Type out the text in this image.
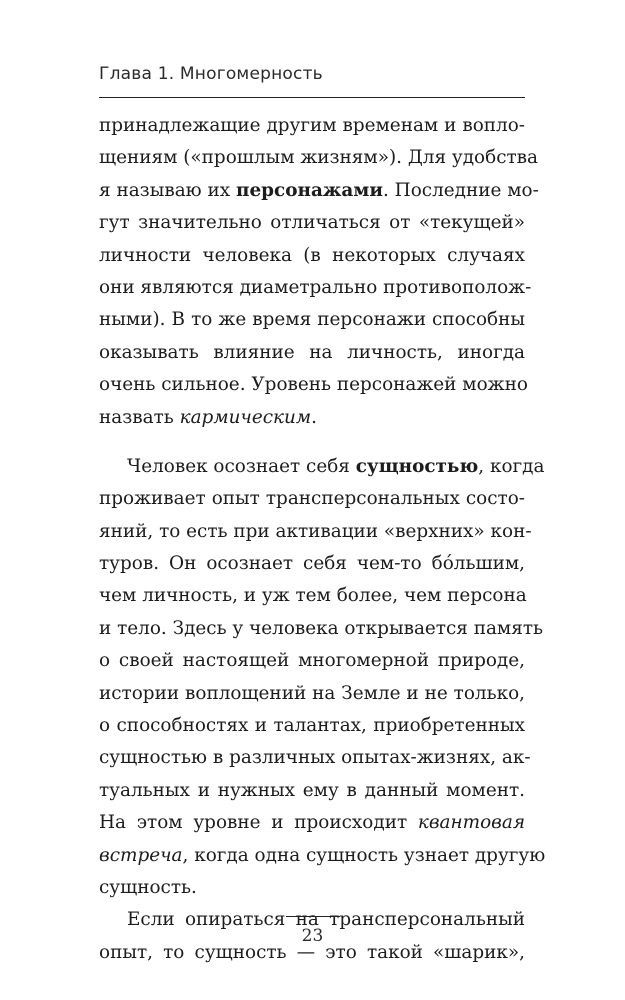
Глава 1. Многомерность
принадлежащие другим временам и вопло-
щениям («прошлым жизням»). Для удобства
я называю их персонажами. Последние мо-
гут значительно отличаться от «текущей»
личности человека (в некоторых случаях
они являются диаметрально противополож-
ными). В то же время персонажи способны
оказывать влияние на личность, иногда
очень сильное. Уровень персонажей можно
назвать кармическим.
Человек осознает себя сущностью, когда
проживает опыт трансперсональных состо-
яний, то есть при активации «верхних» кон-
туров. Он осознает себя чем-то бо́льшим,
чем личность, и уж тем более, чем персона
и тело. Здесь у человека открывается память
о своей настоящей многомерной природе,
истории воплощений на Земле и не только,
о способностях и талантах, приобретенных
сущностью в различных опытах-жизнях, ак-
туальных и нужных ему в данный момент.
На этом уровне и происходит квантовая
встреча, когда одна сущность узнает другую
сущность.
Если опираться на трансперсональный
опыт, то сущность — это такой «шарик»,
23
